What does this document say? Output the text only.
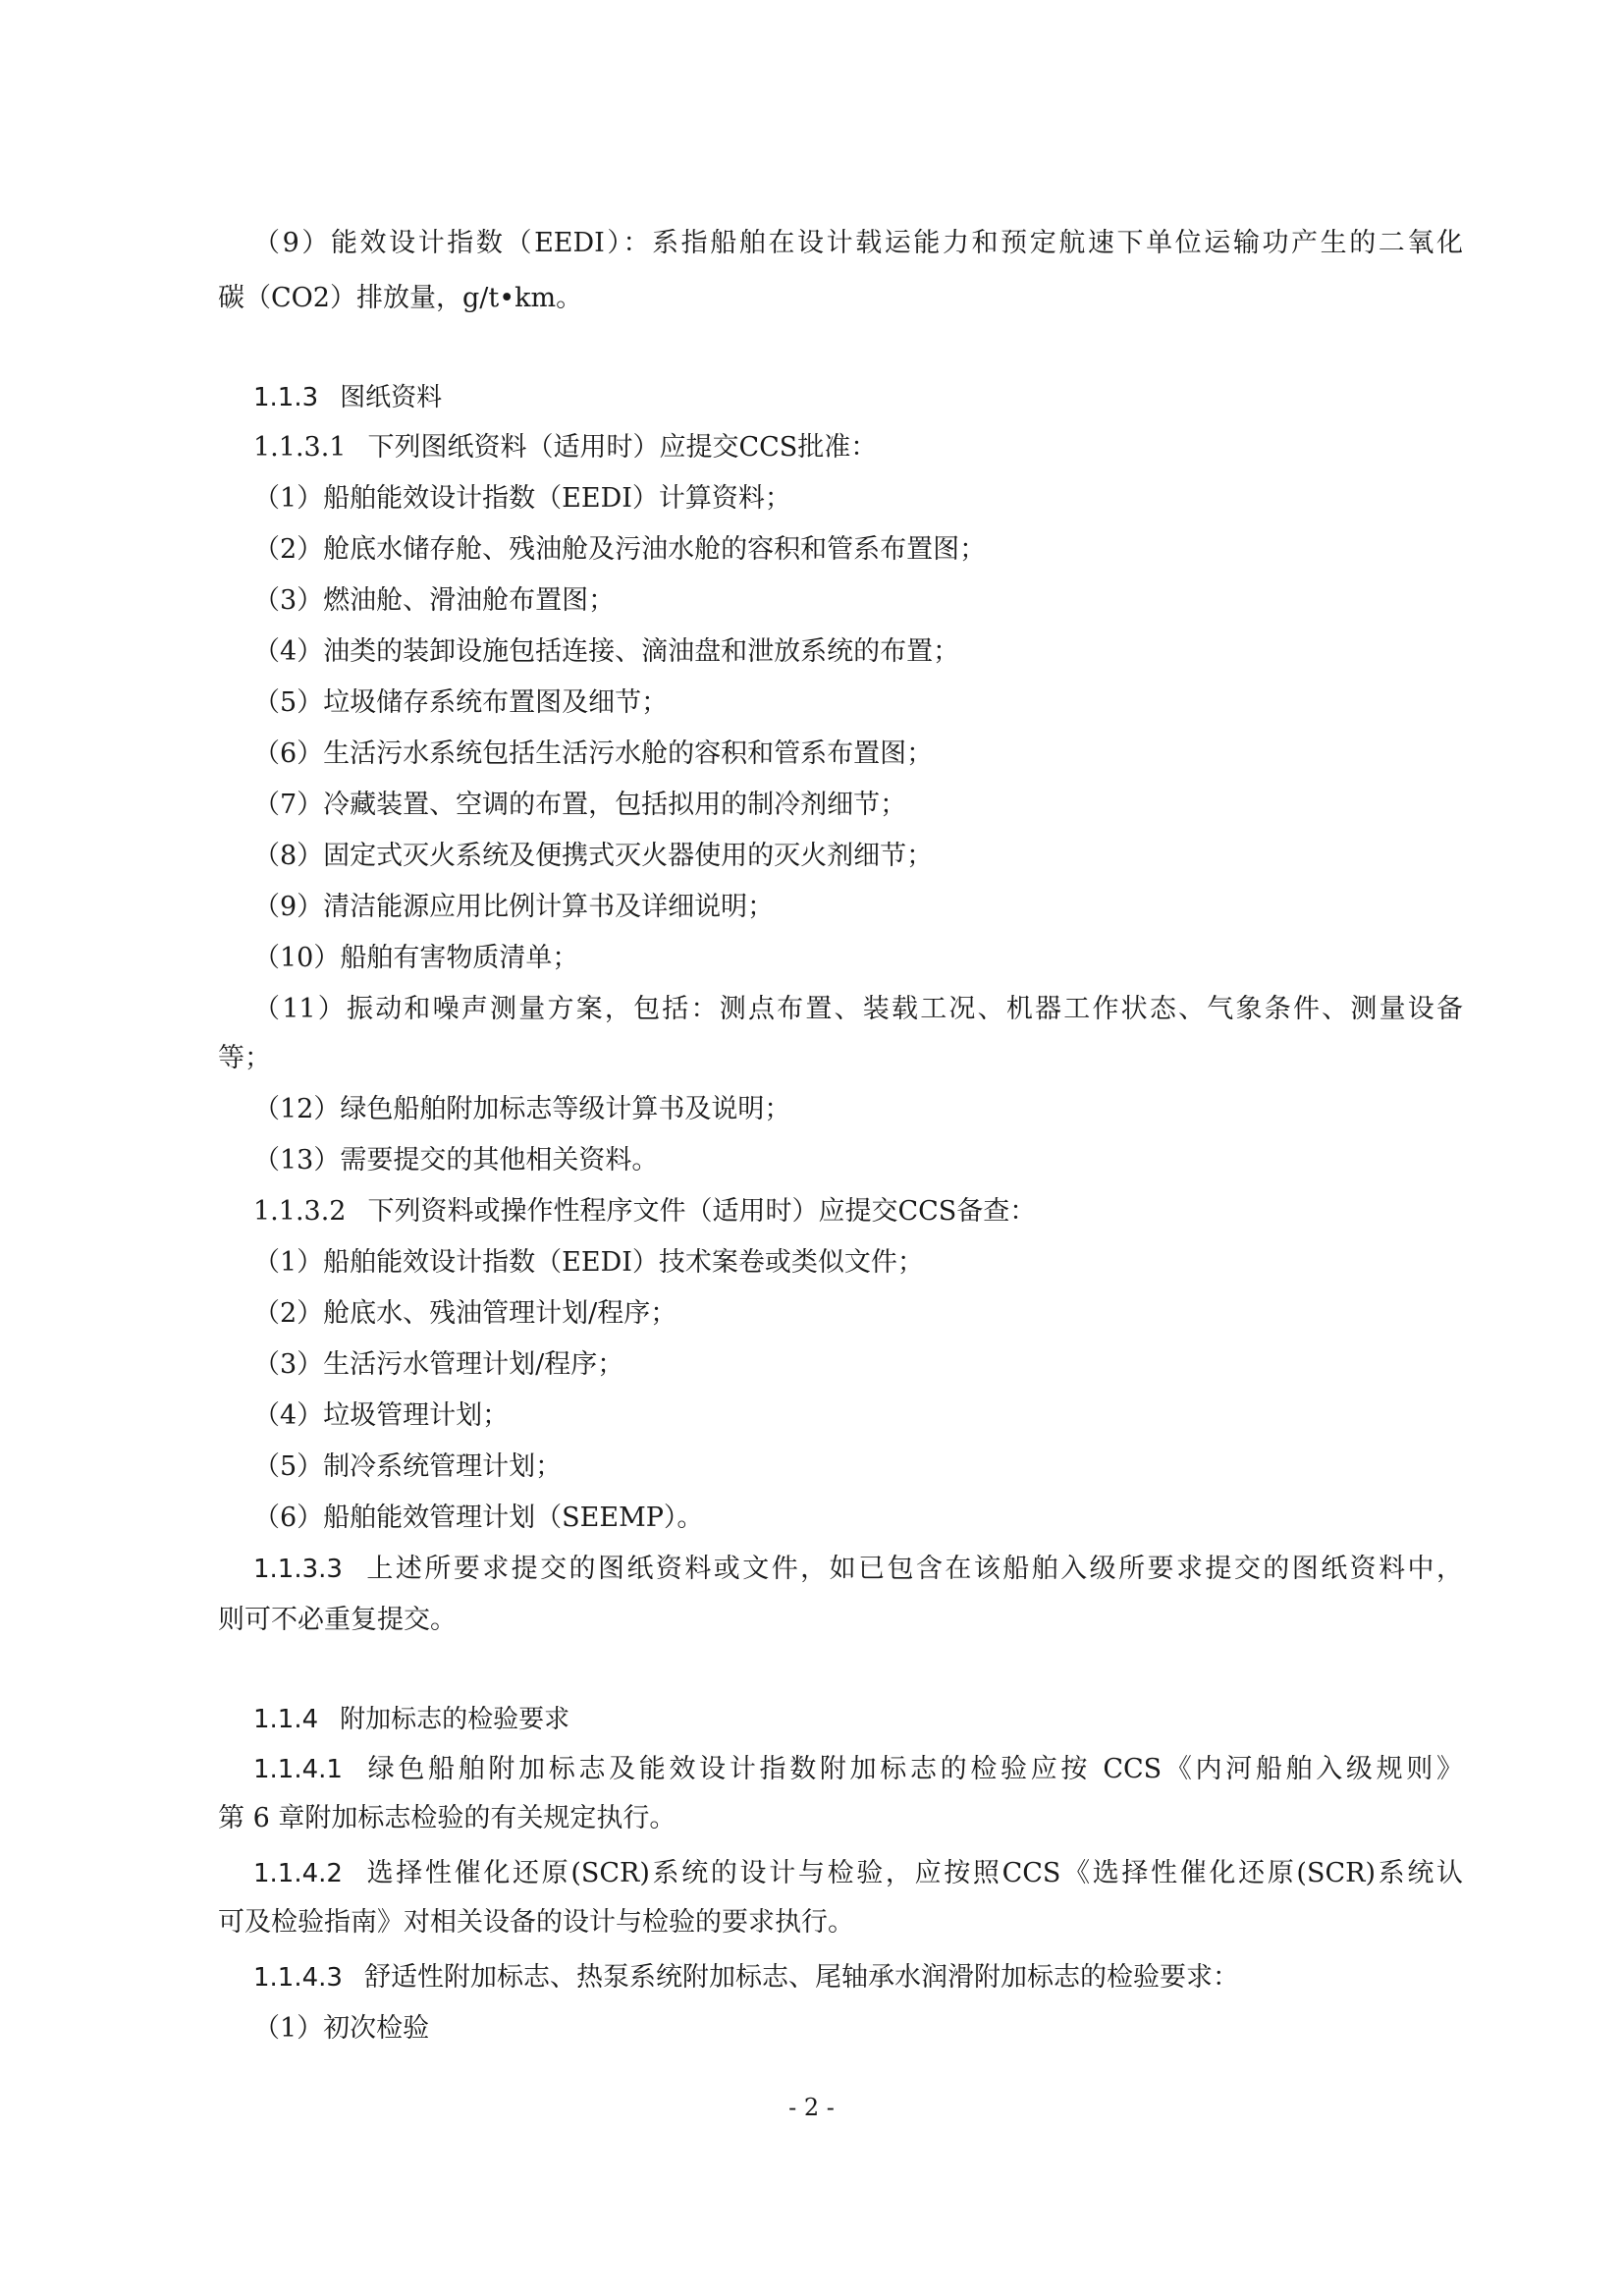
（9）能效设计指数（EEDI）：系指船舶在设计载运能力和预定航速下单位运输功产生的二氧化
碳（CO2）排放量，g/t•km。
1.1.3 图纸资料
1.1.3.1 下列图纸资料（适用时）应提交CCS批准：
（1）船舶能效设计指数（EEDI）计算资料；
（2）舱底水储存舱、残油舱及污油水舱的容积和管系布置图；
（3）燃油舱、滑油舱布置图；
（4）油类的装卸设施包括连接、滴油盘和泄放系统的布置；
（5）垃圾储存系统布置图及细节；
（6）生活污水系统包括生活污水舱的容积和管系布置图；
（7）冷藏装置、空调的布置，包括拟用的制冷剂细节；
（8）固定式灭火系统及便携式灭火器使用的灭火剂细节；
（9）清洁能源应用比例计算书及详细说明；
（10）船舶有害物质清单；
（11）振动和噪声测量方案，包括：测点布置、装载工况、机器工作状态、气象条件、测量设备
等；
（12）绿色船舶附加标志等级计算书及说明；
（13）需要提交的其他相关资料。
1.1.3.2 下列资料或操作性程序文件（适用时）应提交CCS备查：
（1）船舶能效设计指数（EEDI）技术案卷或类似文件；
（2）舱底水、残油管理计划/程序；
（3）生活污水管理计划/程序；
（4）垃圾管理计划；
（5）制冷系统管理计划；
（6）船舶能效管理计划（SEEMP）。
1.1.3.3 上述所要求提交的图纸资料或文件，如已包含在该船舶入级所要求提交的图纸资料中，
则可不必重复提交。
1.1.4 附加标志的检验要求
1.1.4.1 绿色船舶附加标志及能效设计指数附加标志的检验应按 CCS《内河船舶入级规则》
第 6 章附加标志检验的有关规定执行。
1.1.4.2 选择性催化还原(SCR)系统的设计与检验，应按照CCS《选择性催化还原(SCR)系统认
可及检验指南》对相关设备的设计与检验的要求执行。
1.1.4.3 舒适性附加标志、热泵系统附加标志、尾轴承水润滑附加标志的检验要求：
（1）初次检验
- 2 -
